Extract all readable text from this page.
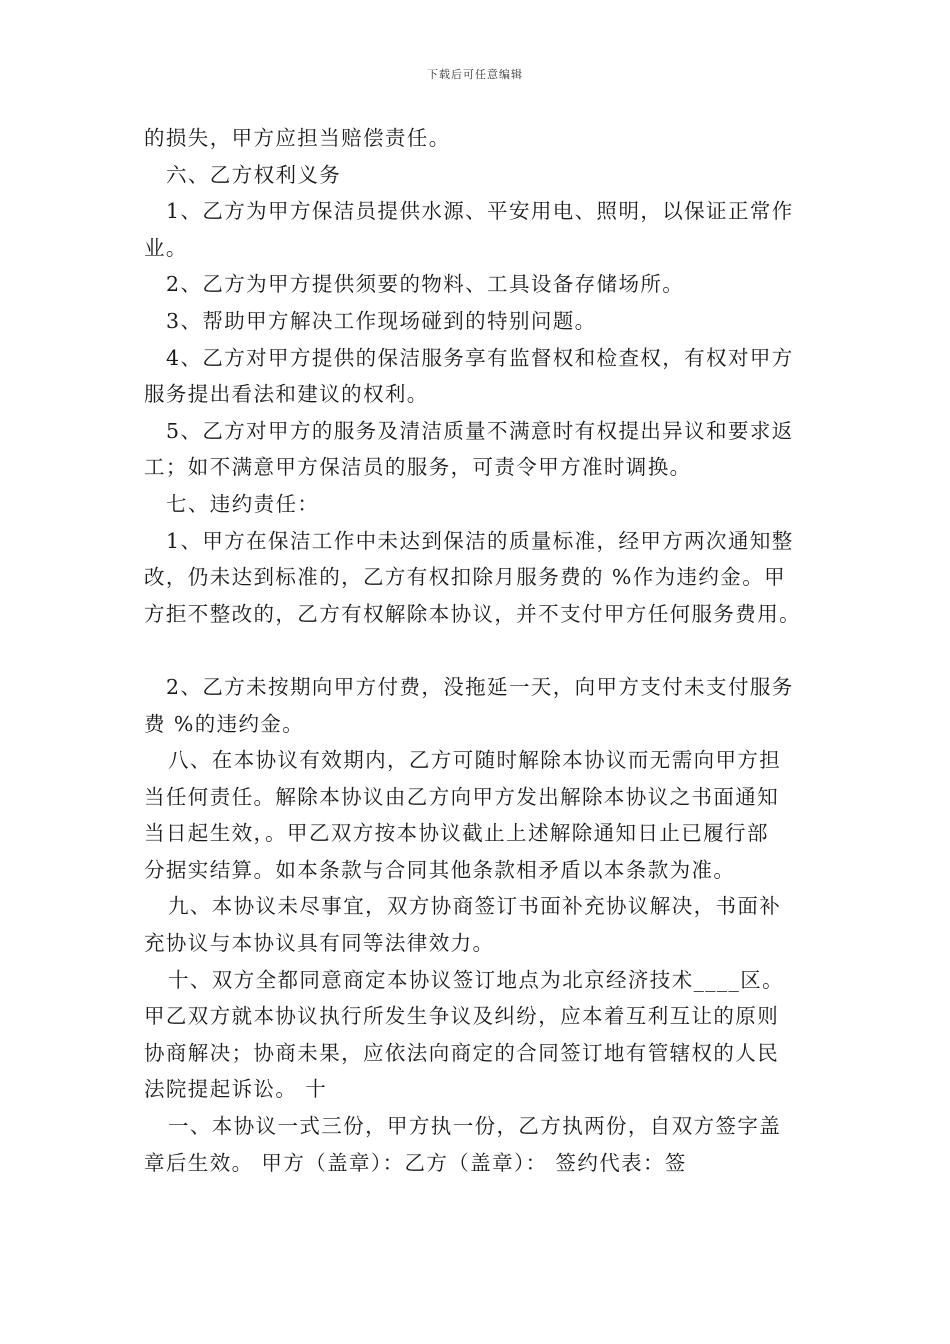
下载后可任意编辑
的损失，甲方应担当赔偿责任。
六、乙方权利义务
1、乙方为甲方保洁员提供水源、平安用电、照明，以保证正常作
业。
2、乙方为甲方提供须要的物料、工具设备存储场所。
3、帮助甲方解决工作现场碰到的特别问题。
4、乙方对甲方提供的保洁服务享有监督权和检查权，有权对甲方
服务提出看法和建议的权利。
5、乙方对甲方的服务及清洁质量不满意时有权提出异议和要求返
工；如不满意甲方保洁员的服务，可责令甲方准时调换。
七、违约责任：
1、甲方在保洁工作中未达到保洁的质量标准，经甲方两次通知整
改，仍未达到标准的，乙方有权扣除月服务费的 %作为违约金。甲
方拒不整改的，乙方有权解除本协议，并不支付甲方任何服务费用。
2、乙方未按期向甲方付费，没拖延一天，向甲方支付未支付服务
费 %的违约金。
八、在本协议有效期内，乙方可随时解除本协议而无需向甲方担
当任何责任。解除本协议由乙方向甲方发出解除本协议之书面通知
当日起生效，。甲乙双方按本协议截止上述解除通知日止已履行部
分据实结算。如本条款与合同其他条款相矛盾以本条款为准。
九、本协议未尽事宜，双方协商签订书面补充协议解决，书面补
充协议与本协议具有同等法律效力。
十、双方全都同意商定本协议签订地点为北京经济技术____区。
甲乙双方就本协议执行所发生争议及纠纷，应本着互利互让的原则
协商解决；协商未果，应依法向商定的合同签订地有管辖权的人民
法院提起诉讼。 十
一、本协议一式三份，甲方执一份，乙方执两份，自双方签字盖
章后生效。 甲方（盖章）：乙方（盖章）： 签约代表：签
